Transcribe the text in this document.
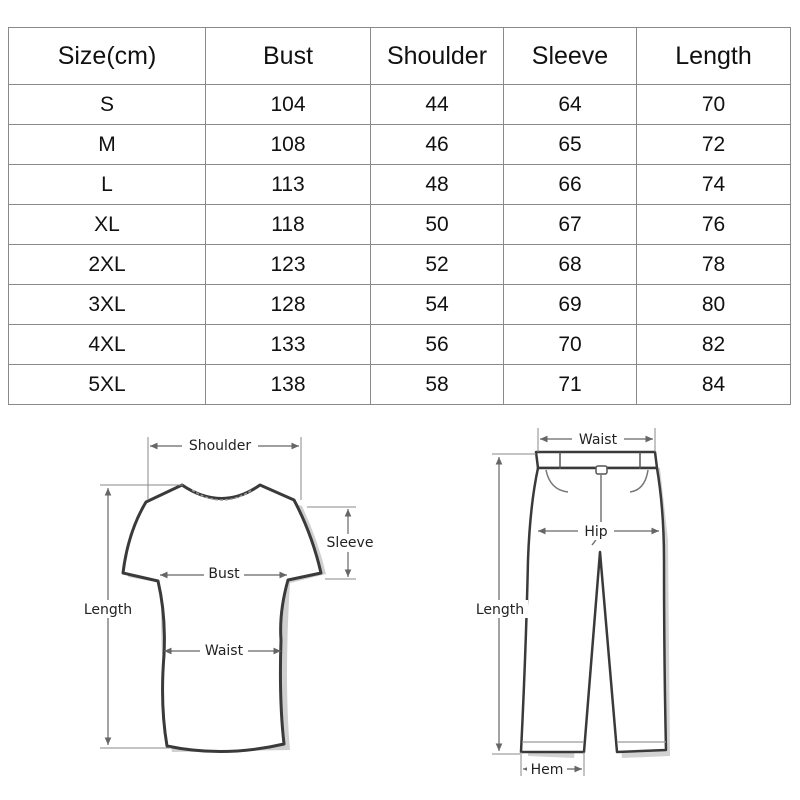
Size(cm)	Bust	Shoulder	Sleeve	Length
S	104	44	64	70
M	108	46	65	72
L	113	48	66	74
XL	118	50	67	76
2XL	123	52	68	78
3XL	128	54	69	80
4XL	133	56	70	82
5XL	138	58	71	84
Shoulder
Sleeve
Bust
Waist
Length
Waist
Hip
Length
Hem
